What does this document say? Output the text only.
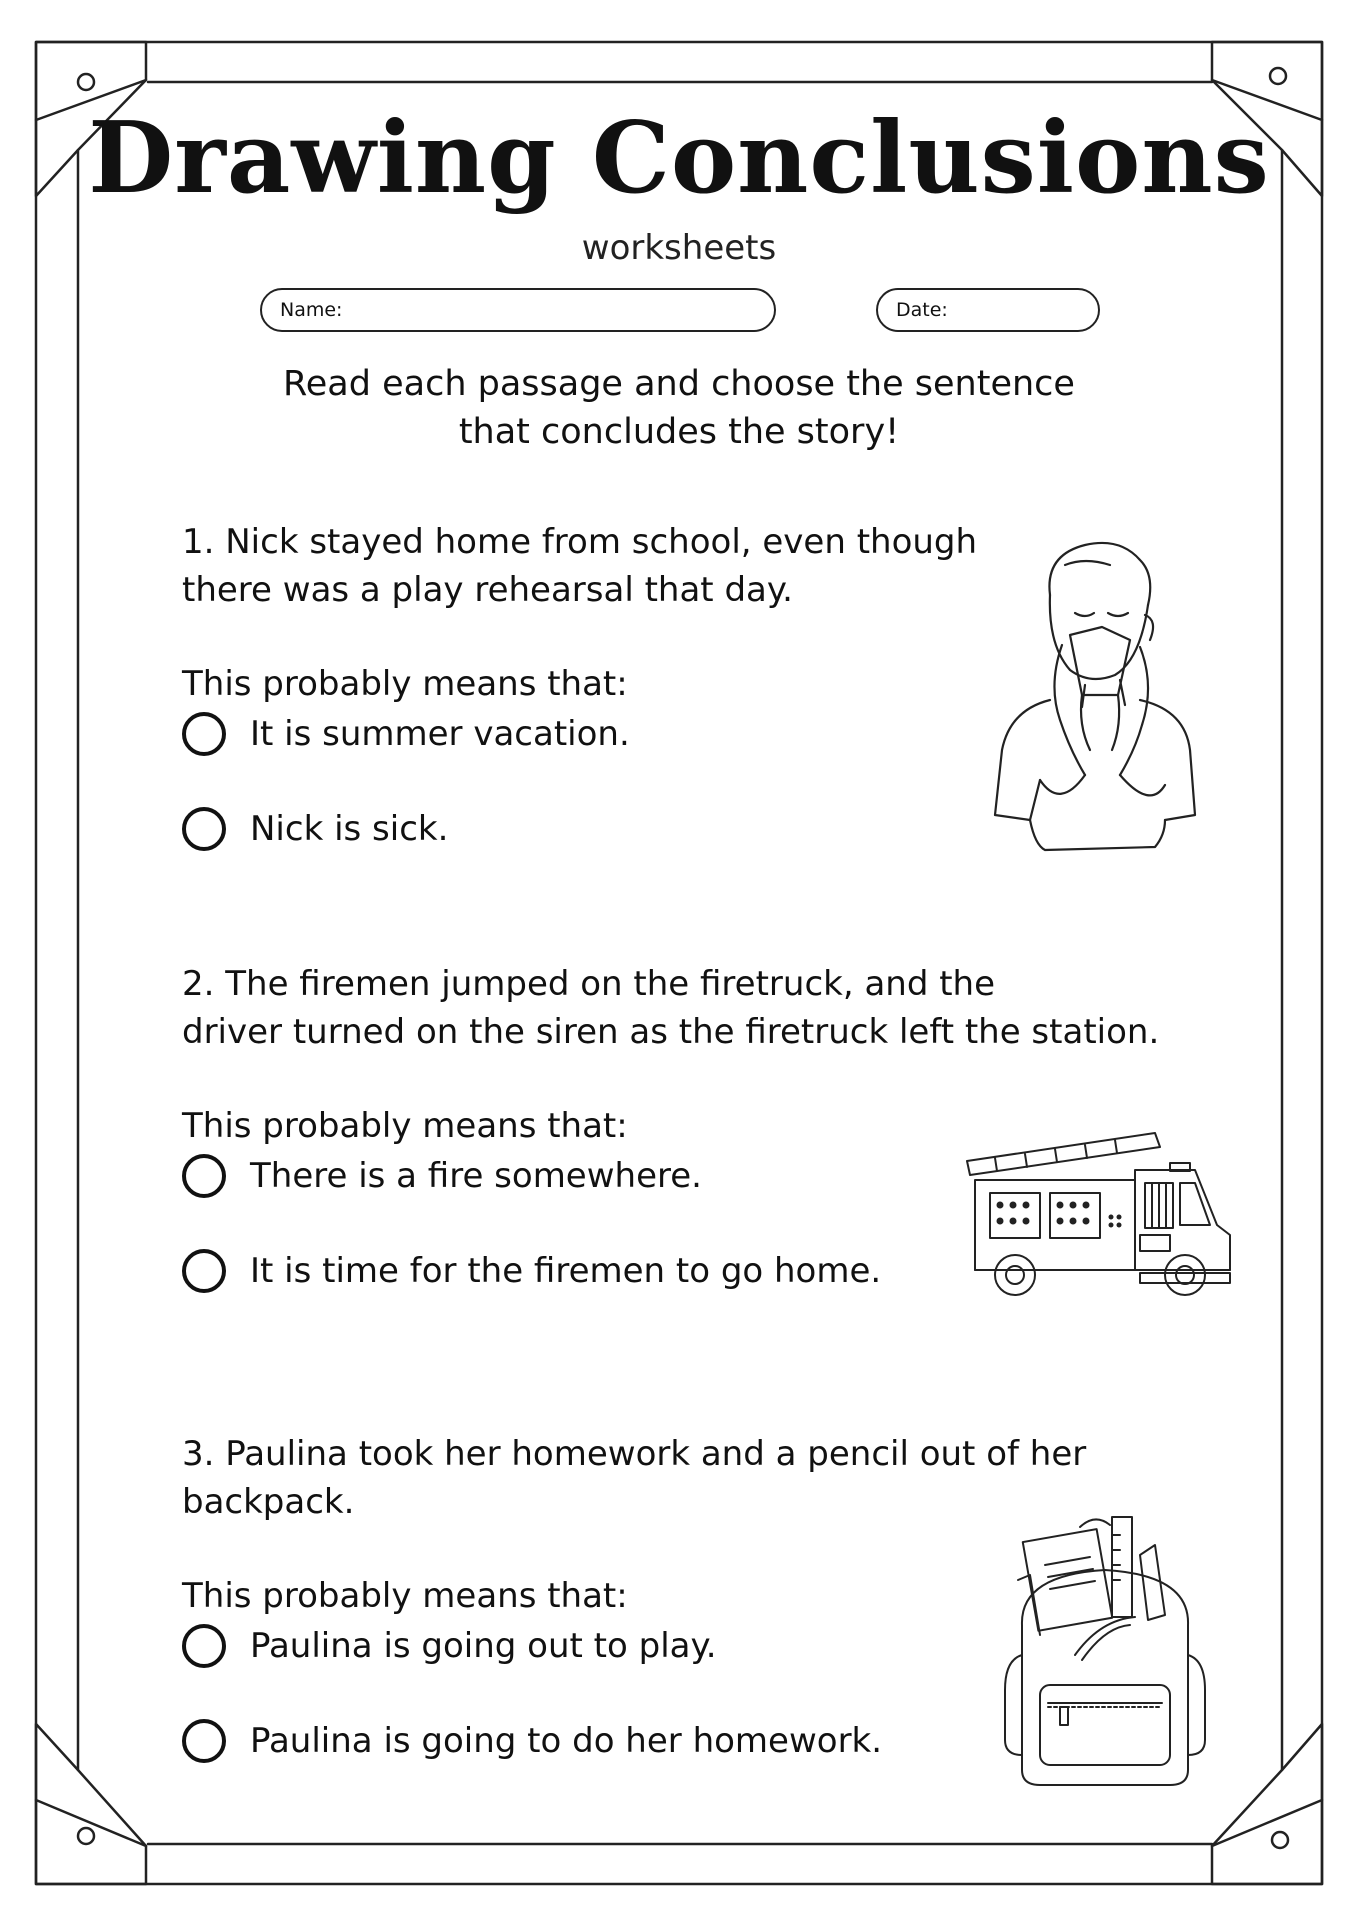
Drawing Conclusions
worksheets
Name:	Date:
Read each passage and choose the sentence
that concludes the story!
1. Nick stayed home from school, even though
there was a play rehearsal that day.
This probably means that:
It is summer vacation.
Nick is sick.
2. The firemen jumped on the firetruck, and the
driver turned on the siren as the firetruck left the station.
This probably means that:
There is a fire somewhere.
It is time for the firemen to go home.
3. Paulina took her homework and a pencil out of her
backpack.
This probably means that:
Paulina is going out to play.
Paulina is going to do her homework.
